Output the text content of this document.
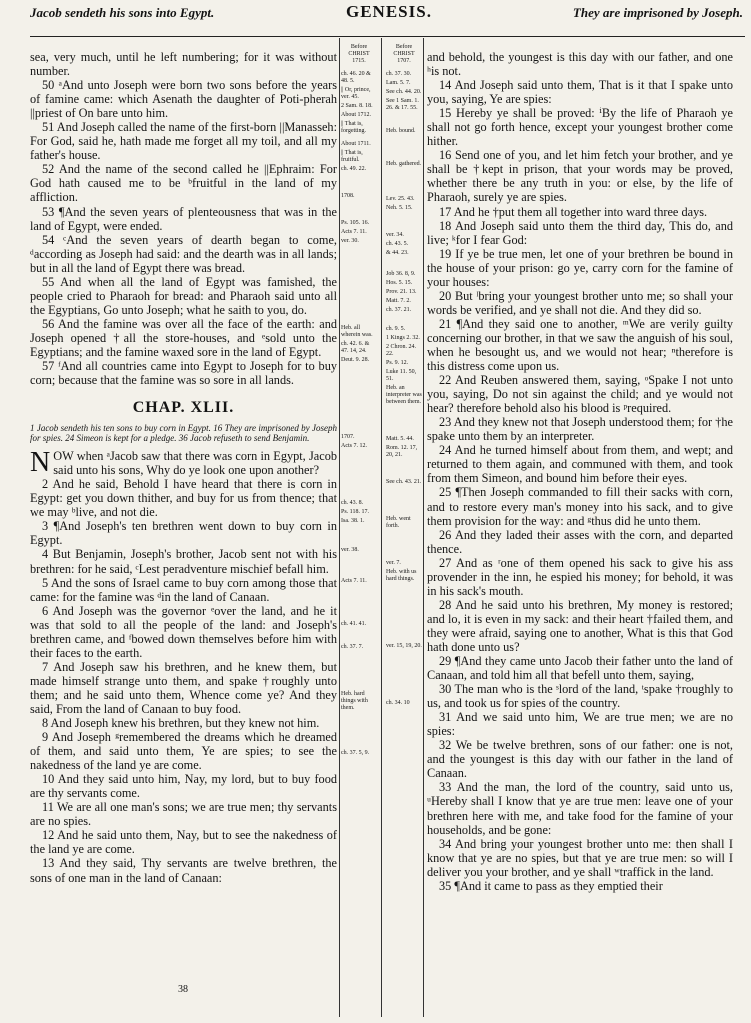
Jacob sendeth his sons into Egypt.	GENESIS.	They are imprisoned by Joseph.

sea, very much, until he left numbering; for it was without number.

50 ᵃAnd unto Joseph were born two sons before the years of famine came: which Asenath the daughter of Poti-pherah ||priest of On bare unto him.

51 And Joseph called the name of the first-born ||Manasseh: For God, said he, hath made me forget all my toil, and all my father's house.

52 And the name of the second called he ||Ephraim: For God hath caused me to be ᵇfruitful in the land of my affliction.

53 ¶And the seven years of plenteousness that was in the land of Egypt, were ended.

54 ᶜAnd the seven years of dearth began to come, ᵈaccording as Joseph had said: and the dearth was in all lands; but in all the land of Egypt there was bread.

55 And when all the land of Egypt was famished, the people cried to Pharaoh for bread: and Pharaoh said unto all the Egyptians, Go unto Joseph; what he saith to you, do.

56 And the famine was over all the face of the earth: and Joseph opened †all the store-houses, and ᵉsold unto the Egyptians; and the famine waxed sore in the land of Egypt.

57 ᶠAnd all countries came into Egypt to Joseph for to buy corn; because that the famine was so sore in all lands.

CHAP. XLII.

1 Jacob sendeth his ten sons to buy corn in Egypt. 16 They are imprisoned by Joseph for spies. 24 Simeon is kept for a pledge. 36 Jacob refuseth to send Benjamin.

NOW when ᵃJacob saw that there was corn in Egypt, Jacob said unto his sons, Why do ye look one upon another?

2 And he said, Behold I have heard that there is corn in Egypt: get you down thither, and buy for us from thence; that we may ᵇlive, and not die.

3 ¶And Joseph's ten brethren went down to buy corn in Egypt.

4 But Benjamin, Joseph's brother, Jacob sent not with his brethren: for he said, ᶜLest peradventure mischief befall him.

5 And the sons of Israel came to buy corn among those that came: for the famine was ᵈin the land of Canaan.

6 And Joseph was the governor ᵉover the land, and he it was that sold to all the people of the land: and Joseph's brethren came, and ᶠbowed down themselves before him with their faces to the earth.

7 And Joseph saw his brethren, and he knew them, but made himself strange unto them, and spake †roughly unto them; and he said unto them, Whence come ye? And they said, From the land of Canaan to buy food.

8 And Joseph knew his brethren, but they knew not him.

9 And Joseph ᵍremembered the dreams which he dreamed of them, and said unto them, Ye are spies; to see the nakedness of the land ye are come.

10 And they said unto him, Nay, my lord, but to buy food are thy servants come.

11 We are all one man's sons; we are true men; thy servants are no spies.

12 And he said unto them, Nay, but to see the nakedness of the land ye are come.

13 And they said, Thy servants are twelve brethren, the sons of one man in the land of Canaan:

Before CHRIST 1715.
ch. 46. 20 & 48. 5.
|| Or, prince, ver. 45.
2 Sam. 8. 18.
About 1712.
|| That is, forgetting.
About 1711.
|| That is, fruitful.
ch. 49. 22.
1708.
Ps. 105. 16.
Acts 7. 11.
ver. 30.
Heb. all wherein was.
ch. 42. 6. & 47. 14, 24.
Deut. 9. 28.
1707.
Acts 7. 12.
ch. 43. 8.
Ps. 118. 17.
Isa. 38. 1.
ver. 38.
Acts 7. 11.
ch. 41. 41.
ch. 37. 7.
Heb. hard things with them.
ch. 37. 5, 9.
Before CHRIST 1707.
ch. 37. 30.
Lam. 5. 7.
See ch. 44. 20.
See 1 Sam. 1. 26. & 17. 55.
Heb. bound.
Heb. gathered.
Lev. 25. 43.
Neh. 5. 15.
ver. 34.
ch. 43. 5.
& 44. 23.
Job 36. 8, 9.
Hos. 5. 15.
Prov. 21. 13.
Matt. 7. 2.
ch. 37. 21.
ch. 9. 5.
1 Kings 2. 32.
2 Chron. 24. 22.
Ps. 9. 12.
Luke 11. 50, 51.
Heb. an interpreter was between them.
Matt. 5. 44.
Rom. 12. 17, 20, 21.
See ch. 43. 21.
Heb. went forth.
ver. 7.
Heb. with us hard things.
ver. 15, 19, 20.
ch. 34. 10

and behold, the youngest is this day with our father, and one ʰis not.

14 And Joseph said unto them, That is it that I spake unto you, saying, Ye are spies:

15 Hereby ye shall be proved: ⁱBy the life of Pharaoh ye shall not go forth hence, except your youngest brother come hither.

16 Send one of you, and let him fetch your brother, and ye shall be †kept in prison, that your words may be proved, whether there be any truth in you: or else, by the life of Pharaoh, surely ye are spies.

17 And he †put them all together into ward three days.

18 And Joseph said unto them the third day, This do, and live; ᵏfor I fear God:

19 If ye be true men, let one of your brethren be bound in the house of your prison: go ye, carry corn for the famine of your houses:

20 But ˡbring your youngest brother unto me; so shall your words be verified, and ye shall not die. And they did so.

21 ¶And they said one to another, ᵐWe are verily guilty concerning our brother, in that we saw the anguish of his soul, when he besought us, and we would not hear; ⁿtherefore is this distress come upon us.

22 And Reuben answered them, saying, ᵒSpake I not unto you, saying, Do not sin against the child; and ye would not hear? therefore behold also his blood is ᵖrequired.

23 And they knew not that Joseph understood them; for †he spake unto them by an interpreter.

24 And he turned himself about from them, and wept; and returned to them again, and communed with them, and took from them Simeon, and bound him before their eyes.

25 ¶Then Joseph commanded to fill their sacks with corn, and to restore every man's money into his sack, and to give them provision for the way: and ᵍthus did he unto them.

26 And they laded their asses with the corn, and departed thence.

27 And as ʳone of them opened his sack to give his ass provender in the inn, he espied his money; for behold, it was in his sack's mouth.

28 And he said unto his brethren, My money is restored; and lo, it is even in my sack: and their heart †failed them, and they were afraid, saying one to another, What is this that God hath done unto us?

29 ¶And they came unto Jacob their father unto the land of Canaan, and told him all that befell unto them, saying,

30 The man who is the ˢlord of the land, ᵗspake †roughly to us, and took us for spies of the country.

31 And we said unto him, We are true men; we are no spies:

32 We be twelve brethren, sons of our father: one is not, and the youngest is this day with our father in the land of Canaan.

33 And the man, the lord of the country, said unto us, ᵘHereby shall I know that ye are true men: leave one of your brethren here with me, and take food for the famine of your households, and be gone:

34 And bring your youngest brother unto me: then shall I know that ye are no spies, but that ye are true men: so will I deliver you your brother, and ye shall ʷtraffick in the land.

35 ¶And it came to pass as they emptied their

38
